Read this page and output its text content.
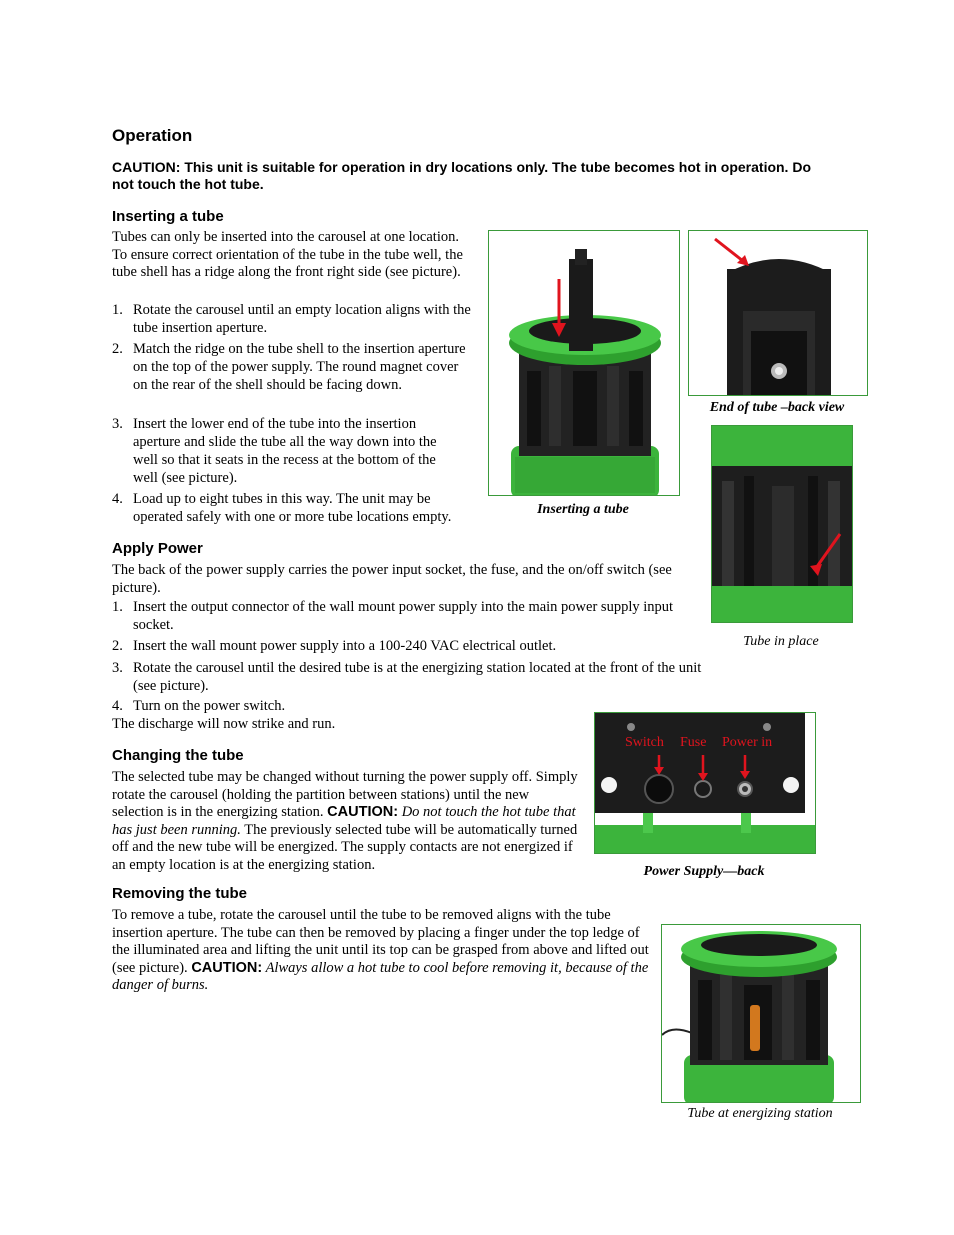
Operation
CAUTION: This unit is suitable for operation in dry locations only. The tube becomes hot in operation. Do not touch the hot tube.
Inserting a tube
Tubes can only be inserted into the carousel at one location. To ensure correct orientation of the tube in the tube well, the tube shell has a ridge along the front right side (see picture).
1. Rotate the carousel until an empty location aligns with the tube insertion aperture.
2. Match the ridge on the tube shell to the insertion aperture on the top of the power supply. The round magnet cover on the rear of the shell should be facing down.
3. Insert the lower end of the tube into the insertion aperture and slide the tube all the way down into the well so that it seats in the recess at the bottom of the well (see picture).
4. Load up to eight tubes in this way. The unit may be operated safely with one or more tube locations empty.	Inserting a tube
End of tube –back view
Tube in place
Apply Power
The back of the power supply carries the power input socket, the fuse, and the on/off switch (see picture).
1. Insert the output connector of the wall mount power supply into the main power supply input socket.
2. Insert the wall mount power supply into a 100-240 VAC electrical outlet.
3. Rotate the carousel until the desired tube is at the energizing station located at the front of the unit (see picture).
4. Turn on the power switch.
The discharge will now strike and run.
Switch Fuse Power in
Power Supply—back
Changing the tube
The selected tube may be changed without turning the power supply off. Simply rotate the carousel (holding the partition between stations) until the new selection is in the energizing station. CAUTION: Do not touch the hot tube that has just been running. The previously selected tube will be automatically turned off and the new tube will be energized. The supply contacts are not energized if an empty location is at the energizing station.
Removing the tube
To remove a tube, rotate the carousel until the tube to be removed aligns with the tube insertion aperture. The tube can then be removed by placing a finger under the top ledge of the illuminated area and lifting the unit until its top can be grasped from above and lifted out (see picture). CAUTION: Always allow a hot tube to cool before removing it, because of the danger of burns.
Tube at energizing station
